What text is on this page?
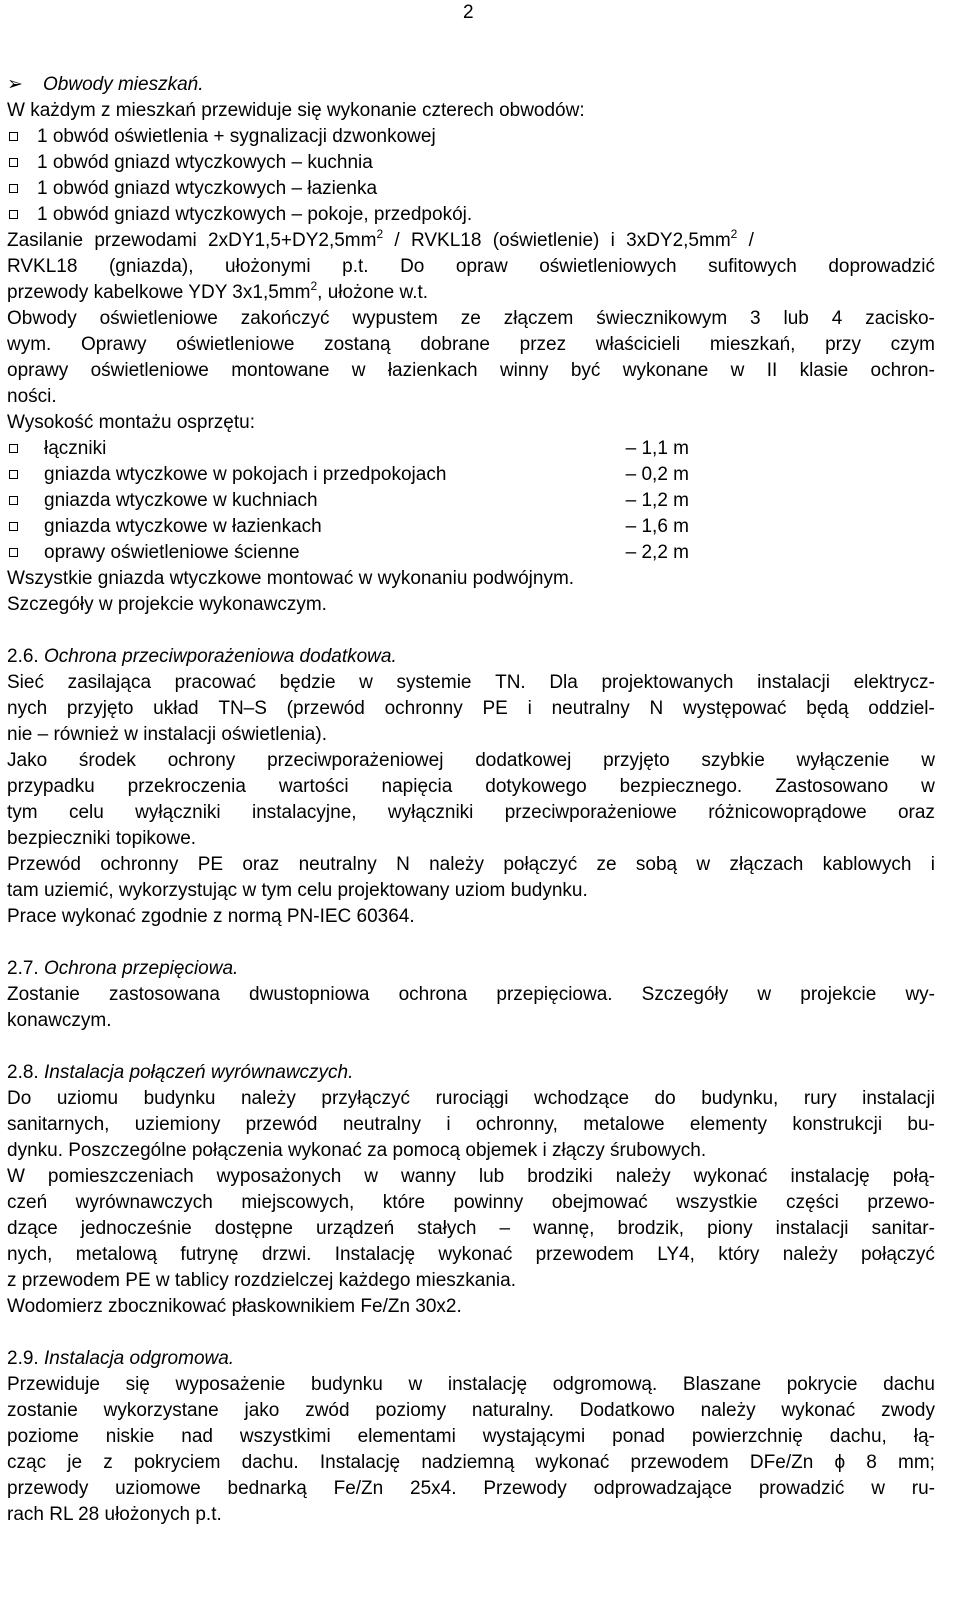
2
➢ Obwody mieszkań.
W każdym z mieszkań przewiduje się wykonanie czterech obwodów:
1 obwód oświetlenia + sygnalizacji dzwonkowej
1 obwód gniazd wtyczkowych – kuchnia
1 obwód gniazd wtyczkowych – łazienka
1 obwód gniazd wtyczkowych – pokoje, przedpokój.
Zasilanie przewodami $2xDY1,5+DY2,5mm^2$ / RVKL18 (oświetlenie) i $3xDY2,5mm^2$ /
RVKL18 (gniazda), ułożonymi p.t. Do opraw oświetleniowych sufitowych doprowadzić
przewody kabelkowe YDY $3x1,5mm^2$, ułożone w.t.
Obwody oświetleniowe zakończyć wypustem ze złączem świecznikowym 3 lub 4 zacisko-
wym. Oprawy oświetleniowe zostaną dobrane przez właścicieli mieszkań, przy czym
oprawy oświetleniowe montowane w łazienkach winny być wykonane w II klasie ochron-
ności.
Wysokość montażu osprzętu:
łączniki	– 1,1 m
gniazda wtyczkowe w pokojach i przedpokojach	– 0,2 m
gniazda wtyczkowe w kuchniach	– 1,2 m
gniazda wtyczkowe w łazienkach	– 1,6 m
oprawy oświetleniowe ścienne	– 2,2 m
Wszystkie gniazda wtyczkowe montować w wykonaniu podwójnym.
Szczegóły w projekcie wykonawczym.
2.6. Ochrona przeciwporażeniowa dodatkowa.
Sieć zasilająca pracować będzie w systemie TN. Dla projektowanych instalacji elektrycz-
nych przyjęto układ TN–S (przewód ochronny PE i neutralny N występować będą oddziel-
nie – również w instalacji oświetlenia).
Jako środek ochrony przeciwporażeniowej dodatkowej przyjęto szybkie wyłączenie w
przypadku przekroczenia wartości napięcia dotykowego bezpiecznego. Zastosowano w
tym celu wyłączniki instalacyjne, wyłączniki przeciwporażeniowe różnicowoprądowe oraz
bezpieczniki topikowe.
Przewód ochronny PE oraz neutralny N należy połączyć ze sobą w złączach kablowych i
tam uziemić, wykorzystując w tym celu projektowany uziom budynku.
Prace wykonać zgodnie z normą PN-IEC 60364.
2.7. Ochrona przepięciowa.
Zostanie zastosowana dwustopniowa ochrona przepięciowa. Szczegóły w projekcie wy-
konawczym.
2.8. Instalacja połączeń wyrównawczych.
Do uziomu budynku należy przyłączyć rurociągi wchodzące do budynku, rury instalacji
sanitarnych, uziemiony przewód neutralny i ochronny, metalowe elementy konstrukcji bu-
dynku. Poszczególne połączenia wykonać za pomocą objemek i złączy śrubowych.
W pomieszczeniach wyposażonych w wanny lub brodziki należy wykonać instalację połą-
czeń wyrównawczych miejscowych, które powinny obejmować wszystkie części przewo-
dzące jednocześnie dostępne urządzeń stałych – wannę, brodzik, piony instalacji sanitar-
nych, metalową futrynę drzwi. Instalację wykonać przewodem LY4, który należy połączyć
z przewodem PE w tablicy rozdzielczej każdego mieszkania.
Wodomierz zbocznikować płaskownikiem Fe/Zn 30x2.
2.9. Instalacja odgromowa.
Przewiduje się wyposażenie budynku w instalację odgromową. Blaszane pokrycie dachu
zostanie wykorzystane jako zwód poziomy naturalny. Dodatkowo należy wykonać zwody
poziome niskie nad wszystkimi elementami wystającymi ponad powierzchnię dachu, łą-
cząc je z pokryciem dachu. Instalację nadziemną wykonać przewodem DFe/Zn ϕ 8 mm;
przewody uziomowe bednarką Fe/Zn 25x4. Przewody odprowadzające prowadzić w ru-
rach RL 28 ułożonych p.t.
